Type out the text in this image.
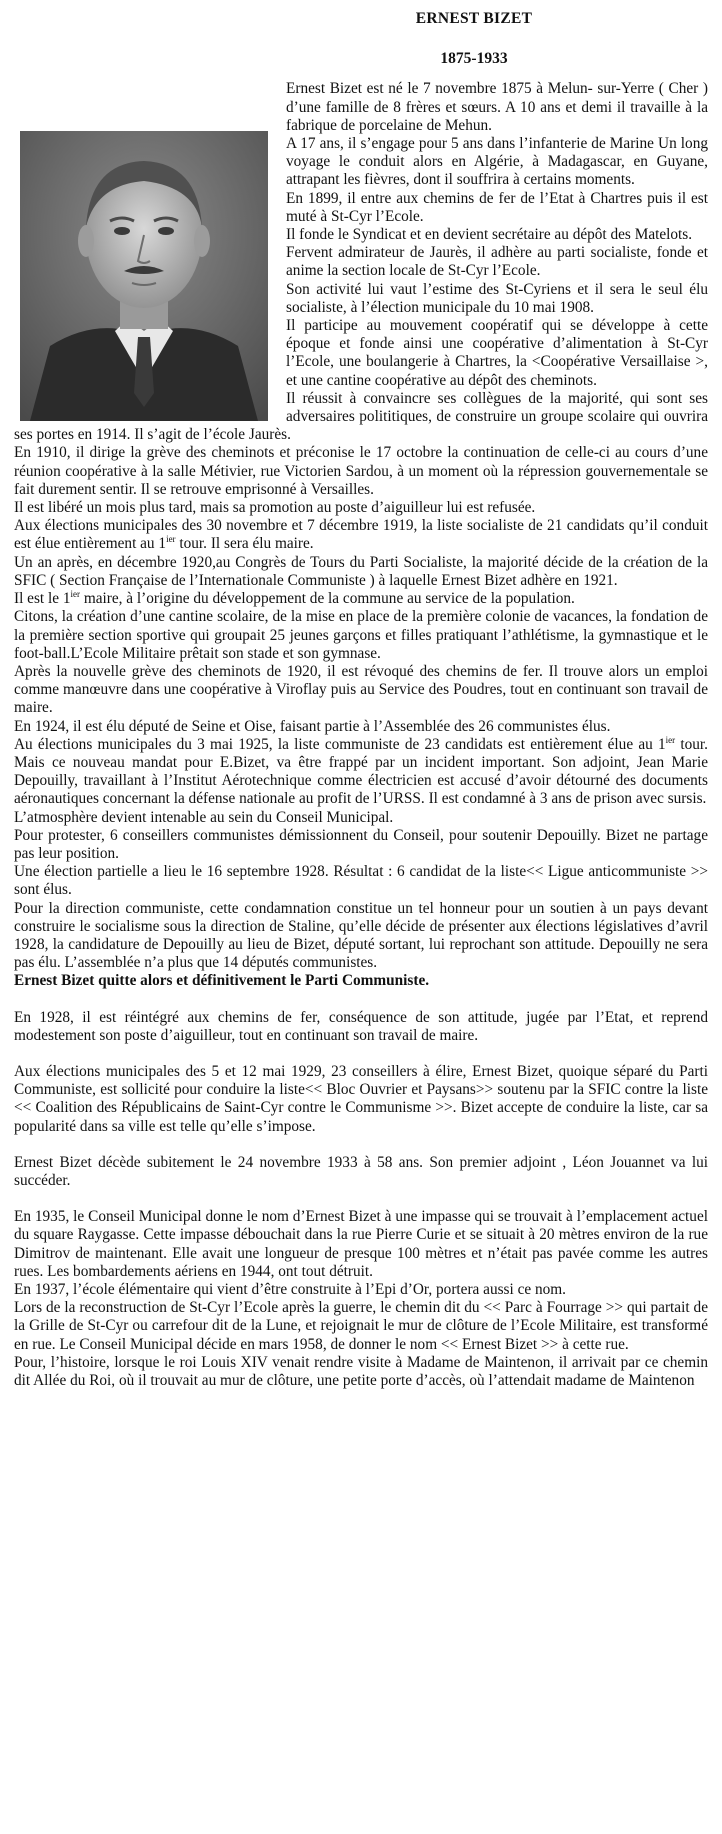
ERNEST BIZET
1875-1933

Ernest Bizet est né le 7 novembre 1875 à Melun- sur-Yerre ( Cher ) d’une famille de 8 frères et sœurs. A 10 ans et demi il travaille à la fabrique de porcelaine de Mehun.

A 17 ans, il s’engage pour 5 ans dans l’infanterie de Marine Un long voyage le conduit alors en Algérie, à Madagascar, en Guyane, attrapant les fièvres, dont il souffrira à certains moments.

En 1899, il entre aux chemins de fer de l’Etat à Chartres puis il est muté à St-Cyr l’Ecole.

Il fonde le Syndicat et en devient secrétaire au dépôt des Matelots.

Fervent admirateur de Jaurès, il adhère au parti socialiste, fonde et anime la section locale de St-Cyr l’Ecole.

Son activité lui vaut l’estime des St-Cyriens et il sera le seul élu socialiste, à l’élection municipale du 10 mai 1908.

Il participe au mouvement coopératif qui se développe à cette époque et fonde ainsi une coopérative d’alimentation à St-Cyr l’Ecole, une boulangerie à Chartres, la <Coopérative Versaillaise >, et une cantine coopérative au dépôt des cheminots.

Il réussit à convaincre ses collègues de la majorité, qui sont ses adversaires polititiques, de construire un groupe scolaire qui ouvrira ses portes en 1914. Il s’agit de l’école Jaurès.

En 1910, il dirige la grève des cheminots et préconise le 17 octobre la continuation de celle-ci au cours d’une réunion coopérative à la salle Métivier, rue Victorien Sardou, à un moment où la répression gouvernementale se fait durement sentir. Il se retrouve emprisonné à Versailles.

Il est libéré un mois plus tard, mais sa promotion au poste d’aiguilleur lui est refusée.

Aux élections municipales des 30 novembre et 7 décembre 1919, la liste socialiste de 21 candidats qu’il conduit est élue entièrement au $1^{ier}$ tour. Il sera élu maire.

Un an après, en décembre 1920,au Congrès de Tours du Parti Socialiste, la majorité décide de la création de la SFIC ( Section Française de l’Internationale Communiste ) à laquelle Ernest Bizet adhère en 1921.

Il est le $1^{ier}$ maire, à l’origine du développement de la commune au service de la population.

Citons, la création d’une cantine scolaire, de la mise en place de la première colonie de vacances, la fondation de la première section sportive qui groupait 25 jeunes garçons et filles pratiquant l’athlétisme, la gymnastique et le foot-ball.L’Ecole Militaire prêtait son stade et son gymnase.

Après la nouvelle grève des cheminots de 1920, il est révoqué des chemins de fer. Il trouve alors un emploi comme manœuvre dans une coopérative à Viroflay puis au Service des Poudres, tout en continuant son travail de maire.

En 1924, il est élu député de Seine et Oise, faisant partie à l’Assemblée des 26 communistes élus.

Au élections municipales du 3 mai 1925, la liste communiste de 23 candidats est entièrement élue au $1^{ier}$ tour. Mais ce nouveau mandat pour E.Bizet, va être frappé par un incident important. Son adjoint, Jean Marie Depouilly, travaillant à l’Institut Aérotechnique comme électricien est accusé d’avoir détourné des documents aéronautiques concernant la défense nationale au profit de l’URSS. Il est condamné à 3 ans de prison avec sursis.

L’atmosphère devient intenable au sein du Conseil Municipal.

Pour protester, 6 conseillers communistes démissionnent du Conseil, pour soutenir Depouilly. Bizet ne partage pas leur position.

Une élection partielle a lieu le 16 septembre 1928. Résultat : 6 candidat de la liste<< Ligue anticommuniste >> sont élus.

Pour la direction communiste, cette condamnation constitue un tel honneur pour un soutien à un pays devant construire le socialisme sous la direction de Staline, qu’elle décide de présenter aux élections législatives d’avril 1928, la candidature de Depouilly au lieu de Bizet, député sortant, lui reprochant son attitude. Depouilly ne sera pas élu. L’assemblée n’a plus que 14 députés communistes.

Ernest Bizet quitte alors et définitivement le Parti Communiste.

En 1928, il est réintégré aux chemins de fer, conséquence de son attitude, jugée par l’Etat, et reprend modestement son poste d’aiguilleur, tout en continuant son travail de maire.

Aux élections municipales des 5 et 12 mai 1929, 23 conseillers à élire, Ernest Bizet, quoique séparé du Parti Communiste, est sollicité pour conduire la liste<< Bloc Ouvrier et Paysans>> soutenu par la SFIC contre la liste << Coalition des Républicains de Saint-Cyr contre le Communisme >>. Bizet accepte de conduire la liste, car sa popularité dans sa ville est telle qu’elle s’impose.

Ernest Bizet décède subitement le 24 novembre 1933 à 58 ans. Son premier adjoint , Léon Jouannet va lui succéder.

En 1935, le Conseil Municipal donne le nom d’Ernest Bizet à une impasse qui se trouvait à l’emplacement actuel du square Raygasse. Cette impasse débouchait dans la rue Pierre Curie et se situait à 20 mètres environ de la rue Dimitrov de maintenant. Elle avait une longueur de presque 100 mètres et n’était pas pavée comme les autres rues. Les bombardements aériens en 1944, ont tout détruit.

En 1937, l’école élémentaire qui vient d’être construite à l’Epi d’Or, portera aussi ce nom.

Lors de la reconstruction de St-Cyr l’Ecole après la guerre, le chemin dit du << Parc à Fourrage >> qui partait de la Grille de St-Cyr ou carrefour dit de la Lune, et rejoignait le mur de clôture de l’Ecole Militaire, est transformé en rue. Le Conseil Municipal décide en mars 1958, de donner le nom << Ernest Bizet >> à cette rue.

Pour, l’histoire, lorsque le roi Louis XIV venait rendre visite à Madame de Maintenon, il arrivait par ce chemin dit Allée du Roi, où il trouvait au mur de clôture, une petite porte d’accès, où l’attendait madame de Maintenon
